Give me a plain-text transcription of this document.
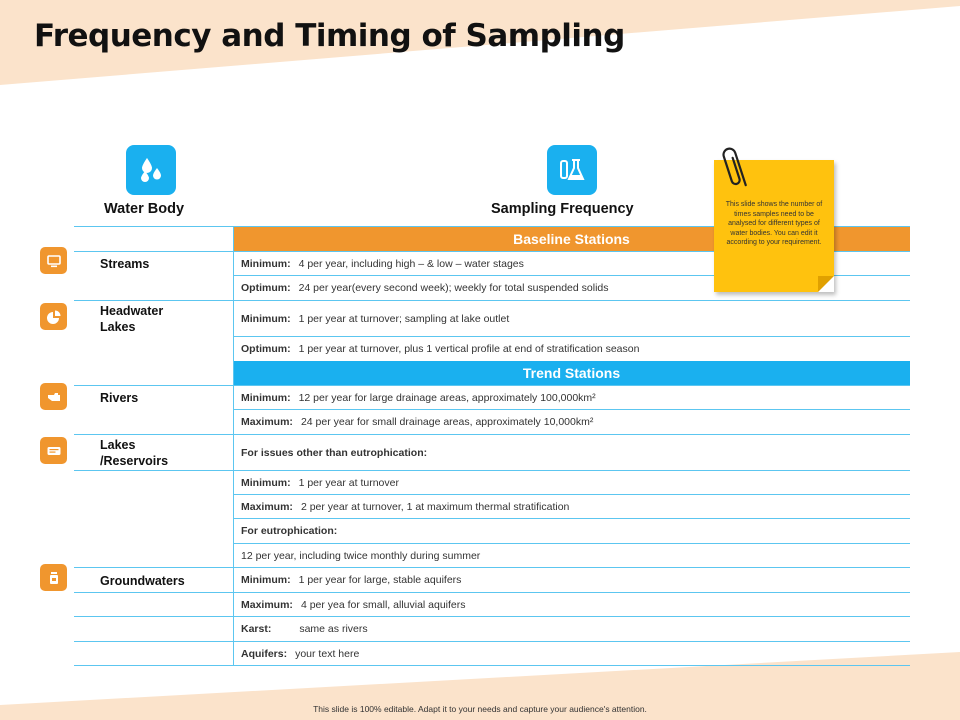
Frequency and Timing of Sampling
Water Body	Sampling Frequency
Baseline Stations
Trend Stations
Minimum: 4 per year, including high – & low – water stages
Optimum: 24 per year(every second week); weekly for total suspended solids
Minimum: 1 per year at turnover; sampling at lake outlet
Optimum: 1 per year at turnover, plus 1 vertical profile at end of stratification season
Minimum: 12 per year for large drainage areas, approximately 100,000km²
Maximum: 24 per year for small drainage areas, approximately 10,000km²
For issues other than eutrophication:
Minimum: 1 per year at turnover
Maximum: 2 per year at turnover, 1 at maximum thermal stratification
For eutrophication:
12 per year, including twice monthly during summer
Minimum: 1 per year for large, stable aquifers
Maximum: 4 per yea for small, alluvial aquifers
Karst:	same as rivers
Aquifers: your text here
Streams
Headwater
Lakes
Rivers
Lakes
/Reservoirs
Groundwaters
This slide shows the number of times samples need to be analysed for different types of water bodies. You can edit it according to your requirement.
This slide is 100% editable. Adapt it to your needs and capture your audience's attention.
